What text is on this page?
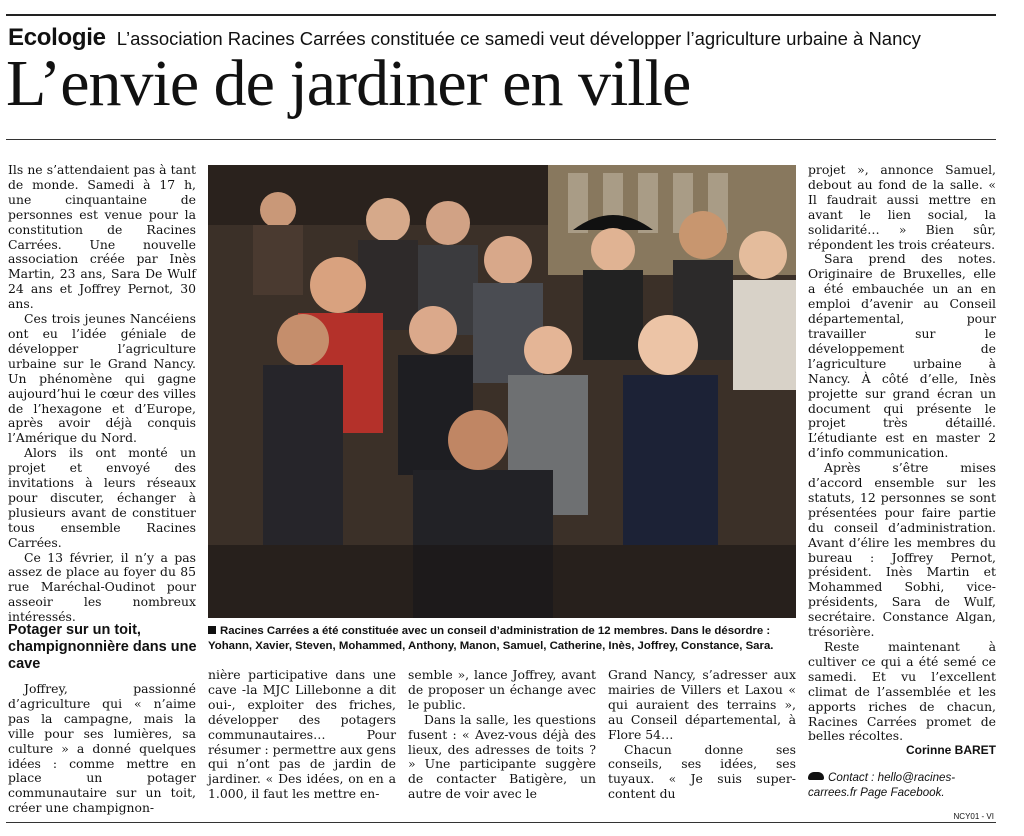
Ecologie L’association Racines Carrées constituée ce samedi veut développer l’agriculture urbaine à Nancy
L’envie de jardiner en ville

Ils ne s’attendaient pas à tant de monde. Samedi à 17 h, une cinquantaine de personnes est venue pour la constitution de Racines Carrées. Une nouvelle association créée par Inès Martin, 23 ans, Sara De Wulf 24 ans et Joffrey Pernot, 30 ans.

Ces trois jeunes Nancéiens ont eu l’idée géniale de développer l’agriculture urbaine sur le Grand Nancy. Un phénomène qui gagne aujourd’hui le cœur des villes de l’hexagone et d’Europe, après avoir déjà conquis l’Amérique du Nord.

Alors ils ont monté un projet et envoyé des invitations à leurs réseaux pour discuter, échanger à plusieurs avant de constituer tous ensemble Racines Carrées.

Ce 13 février, il n’y a pas assez de place au foyer du 85 rue Maréchal-Oudinot pour asseoir les nombreux intéressés.

Potager sur un toit, champignonnière dans une cave

Joffrey, passionné d’agriculture qui « n’aime pas la campagne, mais la ville pour ses lumières, sa culture » a donné quelques idées : comme mettre en place un potager communautaire sur un toit, créer une champignon-

Racines Carrées a été constituée avec un conseil d’administration de 12 membres. Dans le désordre : Yohann, Xavier, Steven, Mohammed, Anthony, Manon, Samuel, Catherine, Inès, Joffrey, Constance, Sara.

nière participative dans une cave -la MJC Lillebonne a dit oui-, exploiter des friches, développer des potagers communautaires… Pour résumer : permettre aux gens qui n’ont pas de jardin de jardiner. « Des idées, on en a 1.000, il faut les mettre en-

semble », lance Joffrey, avant de proposer un échange avec le public.

Dans la salle, les questions fusent : « Avez-vous déjà des lieux, des adresses de toits ? » Une participante suggère de contacter Batigère, un autre de voir avec le

Grand Nancy, s’adresser aux mairies de Villers et Laxou « qui auraient des terrains », au Conseil départemental, à Flore 54…

Chacun donne ses conseils, ses idées, ses tuyaux. « Je suis super-content du

projet », annonce Samuel, debout au fond de la salle. « Il faudrait aussi mettre en avant le lien social, la solidarité… » Bien sûr, répondent les trois créateurs.

Sara prend des notes. Originaire de Bruxelles, elle a été embauchée un an en emploi d’avenir au Conseil départemental, pour travailler sur le développement de l’agriculture urbaine à Nancy. À côté d’elle, Inès projette sur grand écran un document qui présente le projet très détaillé. L’étudiante est en master 2 d’info communication.

Après s’être mises d’accord ensemble sur les statuts, 12 personnes se sont présentées pour faire partie du conseil d’administration. Avant d’élire les membres du bureau : Joffrey Pernot, président. Inès Martin et Mohammed Sobhi, vice-présidents, Sara de Wulf, secrétaire. Constance Algan, trésorière.

Reste maintenant à cultiver ce qui a été semé ce samedi. Et vu l’excellent climat de l’assemblée et les apports riches de chacun, Racines Carrées promet de belles récoltes.

Corinne BARET
Contact : hello@racines-carrees.fr Page Facebook.
NCY01 - VI
